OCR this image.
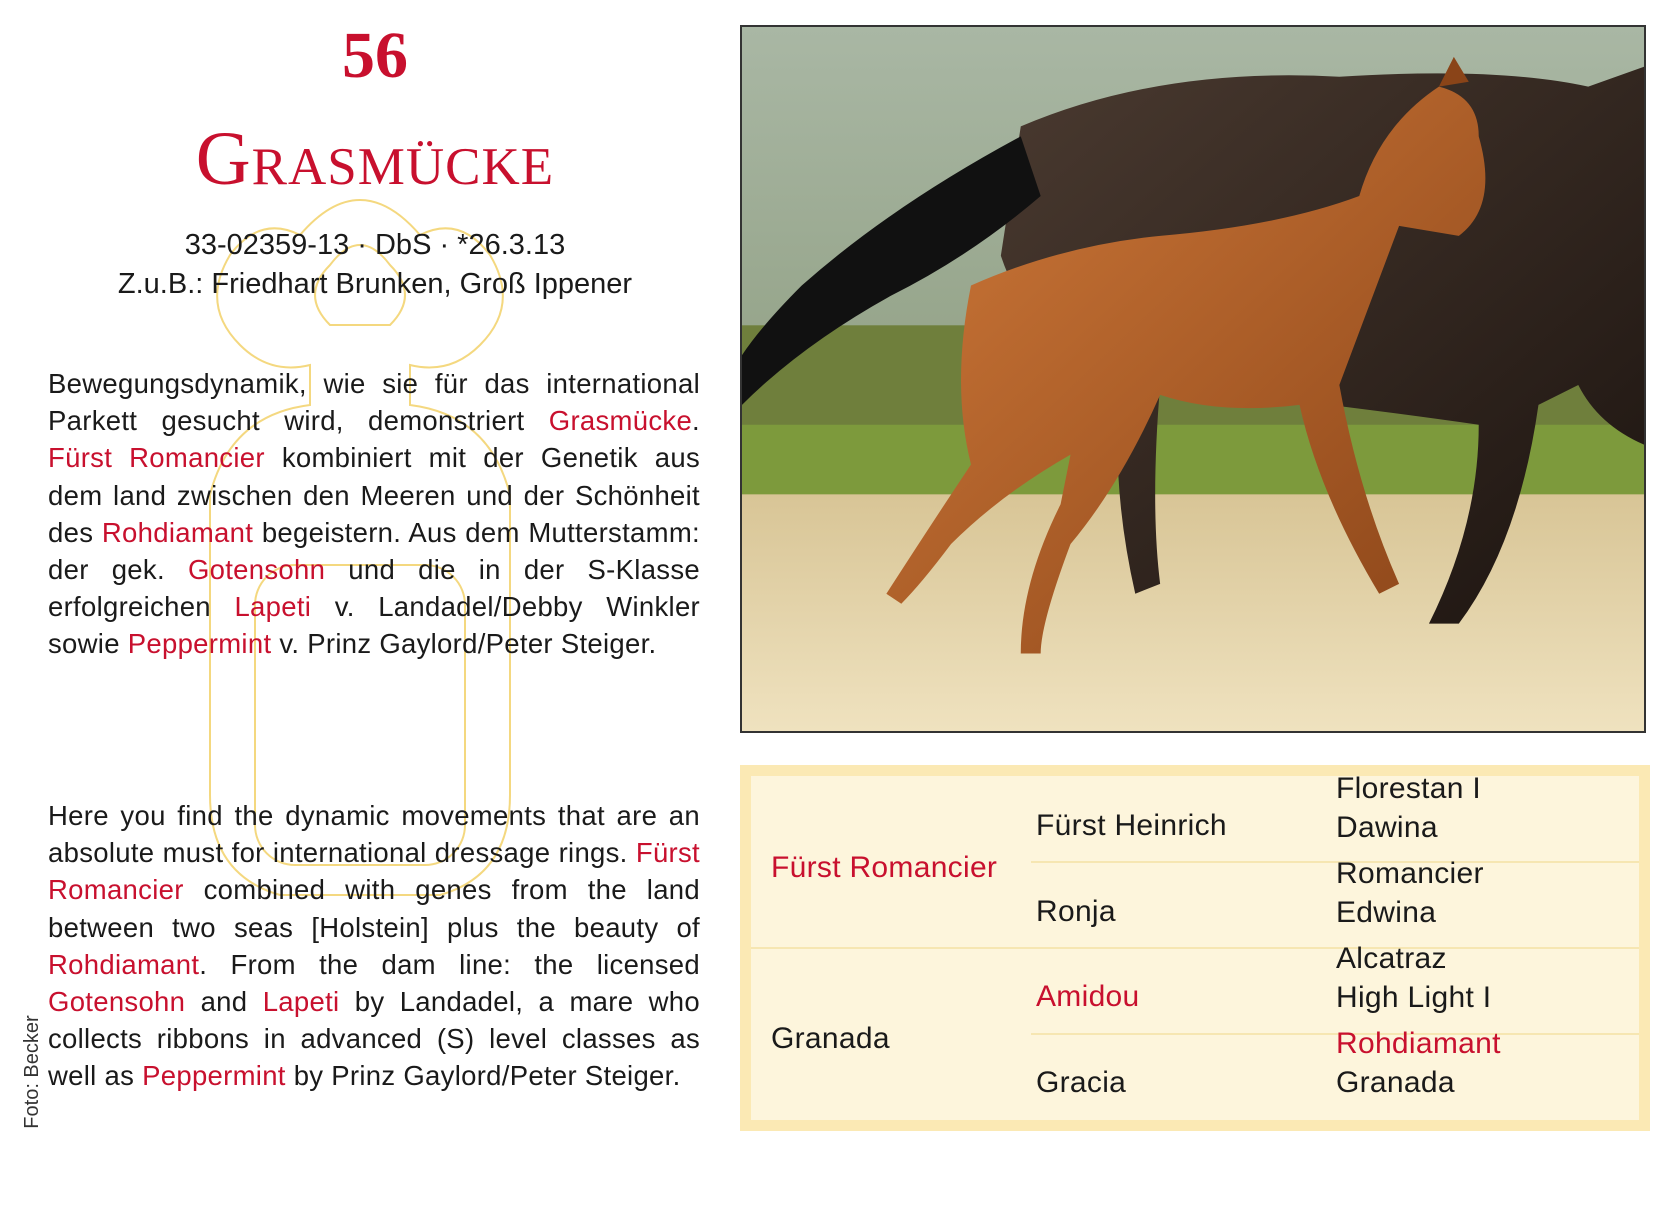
56
Grasmücke
33-02359-13 · DbS · *26.3.13
Z.u.B.: Friedhart Brunken, Groß Ippener

Bewegungsdynamik, wie sie für das international Parkett gesucht wird, demonstriert Grasmücke. Fürst Romancier kombiniert mit der Genetik aus dem land zwischen den Meeren und der Schönheit des Rohdiamant begeistern. Aus dem Mutterstamm: der gek. Gotensohn und die in der S-Klasse erfolgreichen Lapeti v. Landadel/Debby Winkler sowie Peppermint v. Prinz Gaylord/Peter Steiger.

Here you find the dynamic movements that are an absolute must for international dressage rings. Fürst Romancier combined with genes from the land between two seas [Holstein] plus the beauty of Rohdiamant. From the dam line: the licensed Gotensohn and Lapeti by Landadel, a mare who collects ribbons in advanced (S) level classes as well as Peppermint by Prinz Gaylord/Peter Steiger.

Foto: Becker
Fürst Romancier
Granada
Fürst Heinrich
Ronja
Amidou
Gracia
Florestan I
Dawina
Romancier
Edwina
Alcatraz
High Light I
Rohdiamant
Granada
